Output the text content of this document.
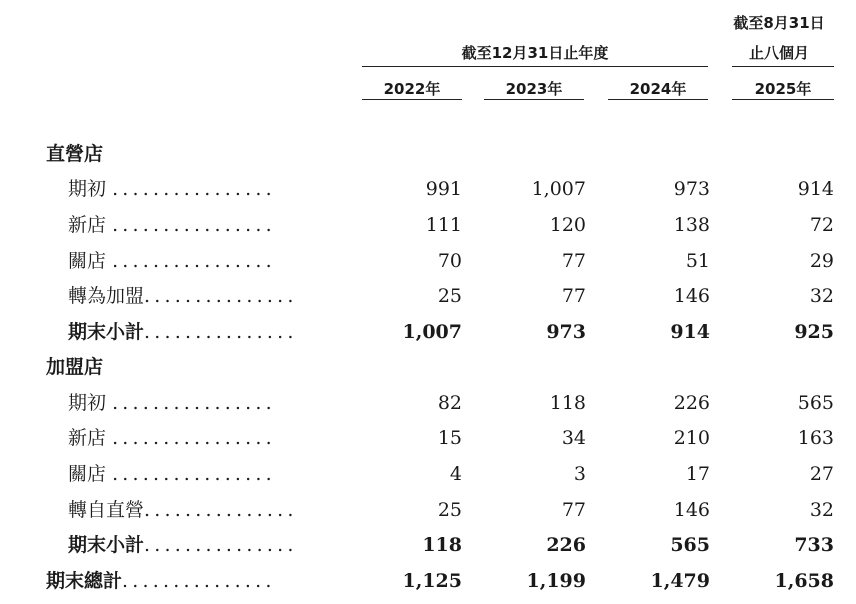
截至8月31日
截至12月31日止年度	止八個月
2022年	2023年	2024年	2025年
直營店
期初 ................	991	1,007	973	914
新店 ................	111	120	138	72
關店 ................	70	77	51	29
轉為加盟...............	25	77	146	32
期末小計...............	1,007	973	914	925
加盟店
期初 ................	82	118	226	565
新店 ................	15	34	210	163
關店 ................	4	3	17	27
轉自直營...............	25	77	146	32
期末小計...............	118	226	565	733
期末總計...............	1,125	1,199	1,479	1,658
